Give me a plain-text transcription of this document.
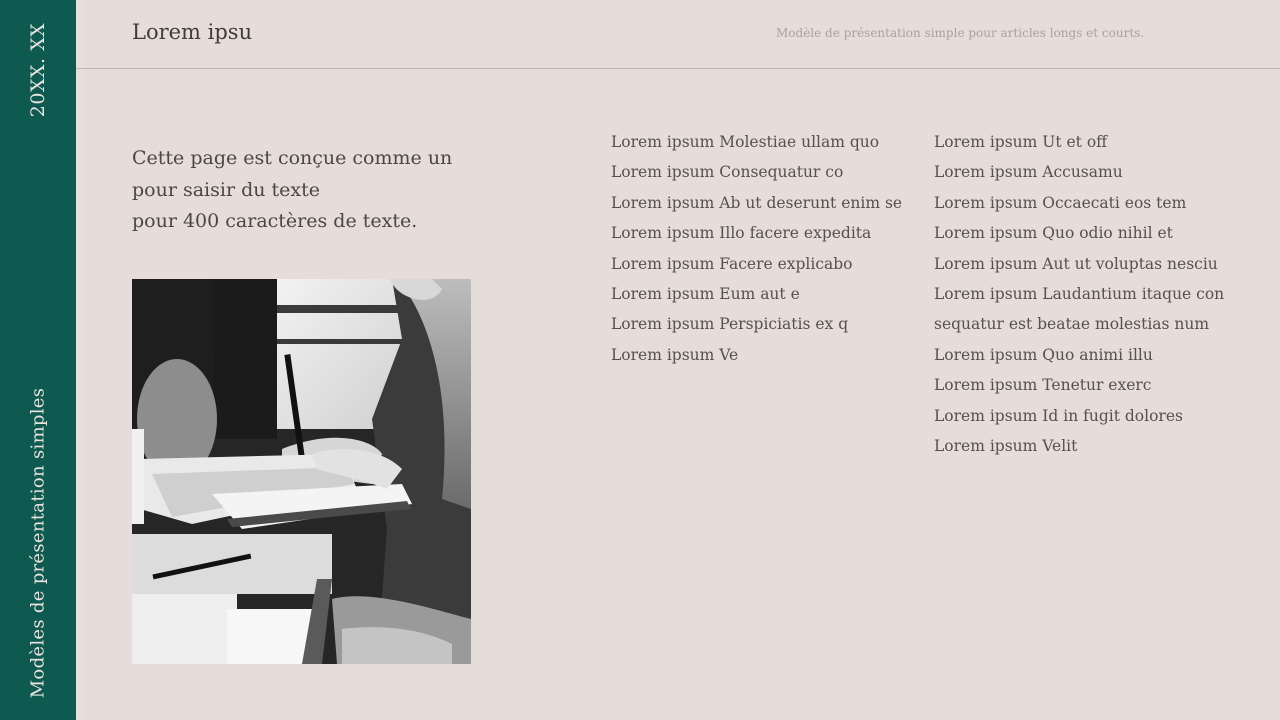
20XX. XX
Modèles de présentation simples
Lorem ipsu	Modèle de présentation simple pour articles longs et courts.
Cette page est conçue comme un
pour saisir du texte
pour 400 caractères de texte.
Lorem ipsum Molestiae ullam quo
Lorem ipsum Consequatur co
Lorem ipsum Ab ut deserunt enim se
Lorem ipsum Illo facere expedita
Lorem ipsum Facere explicabo
Lorem ipsum Eum aut e
Lorem ipsum Perspiciatis ex q
Lorem ipsum Ve
Lorem ipsum Ut et off
Lorem ipsum Accusamu
Lorem ipsum Occaecati eos tem
Lorem ipsum Quo odio nihil et
Lorem ipsum Aut ut voluptas nesciu
Lorem ipsum Laudantium itaque con
sequatur est beatae molestias num
Lorem ipsum Quo animi illu
Lorem ipsum Tenetur exerc
Lorem ipsum Id in fugit dolores
Lorem ipsum Velit
